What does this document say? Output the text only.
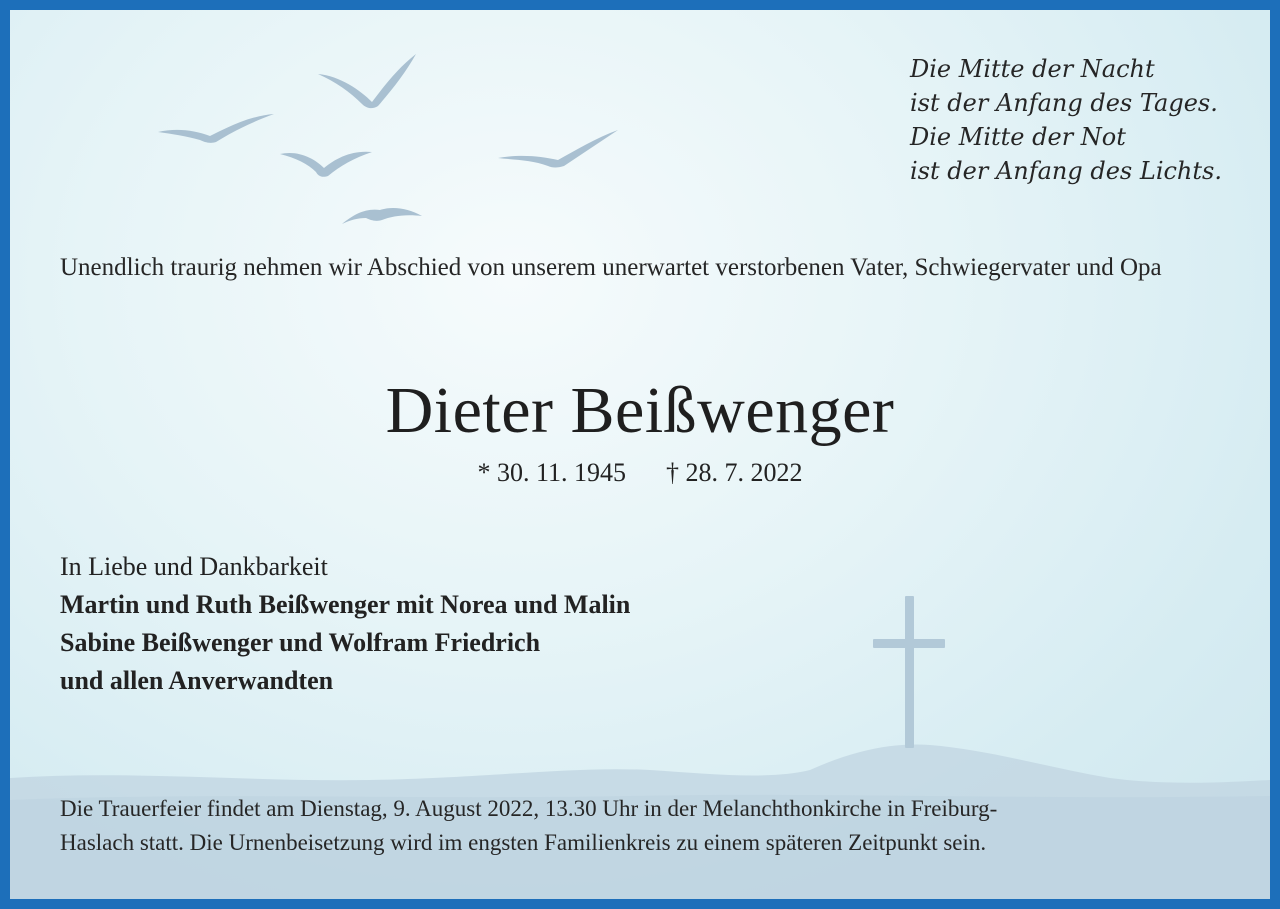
Die Mitte der Nacht
ist der Anfang des Tages.
Die Mitte der Not
ist der Anfang des Lichts.
Unendlich traurig nehmen wir Abschied von unserem unerwartet verstorbenen Vater, Schwiegervater und Opa
Dieter Beißwenger
* 30. 11. 1945 † 28. 7. 2022
In Liebe und Dankbarkeit
Martin und Ruth Beißwenger mit Norea und Malin
Sabine Beißwenger und Wolfram Friedrich
und allen Anverwandten
Die Trauerfeier findet am Dienstag, 9. August 2022, 13.30 Uhr in der Melanchthonkirche in Freiburg-
Haslach statt. Die Urnenbeisetzung wird im engsten Familienkreis zu einem späteren Zeitpunkt sein.
